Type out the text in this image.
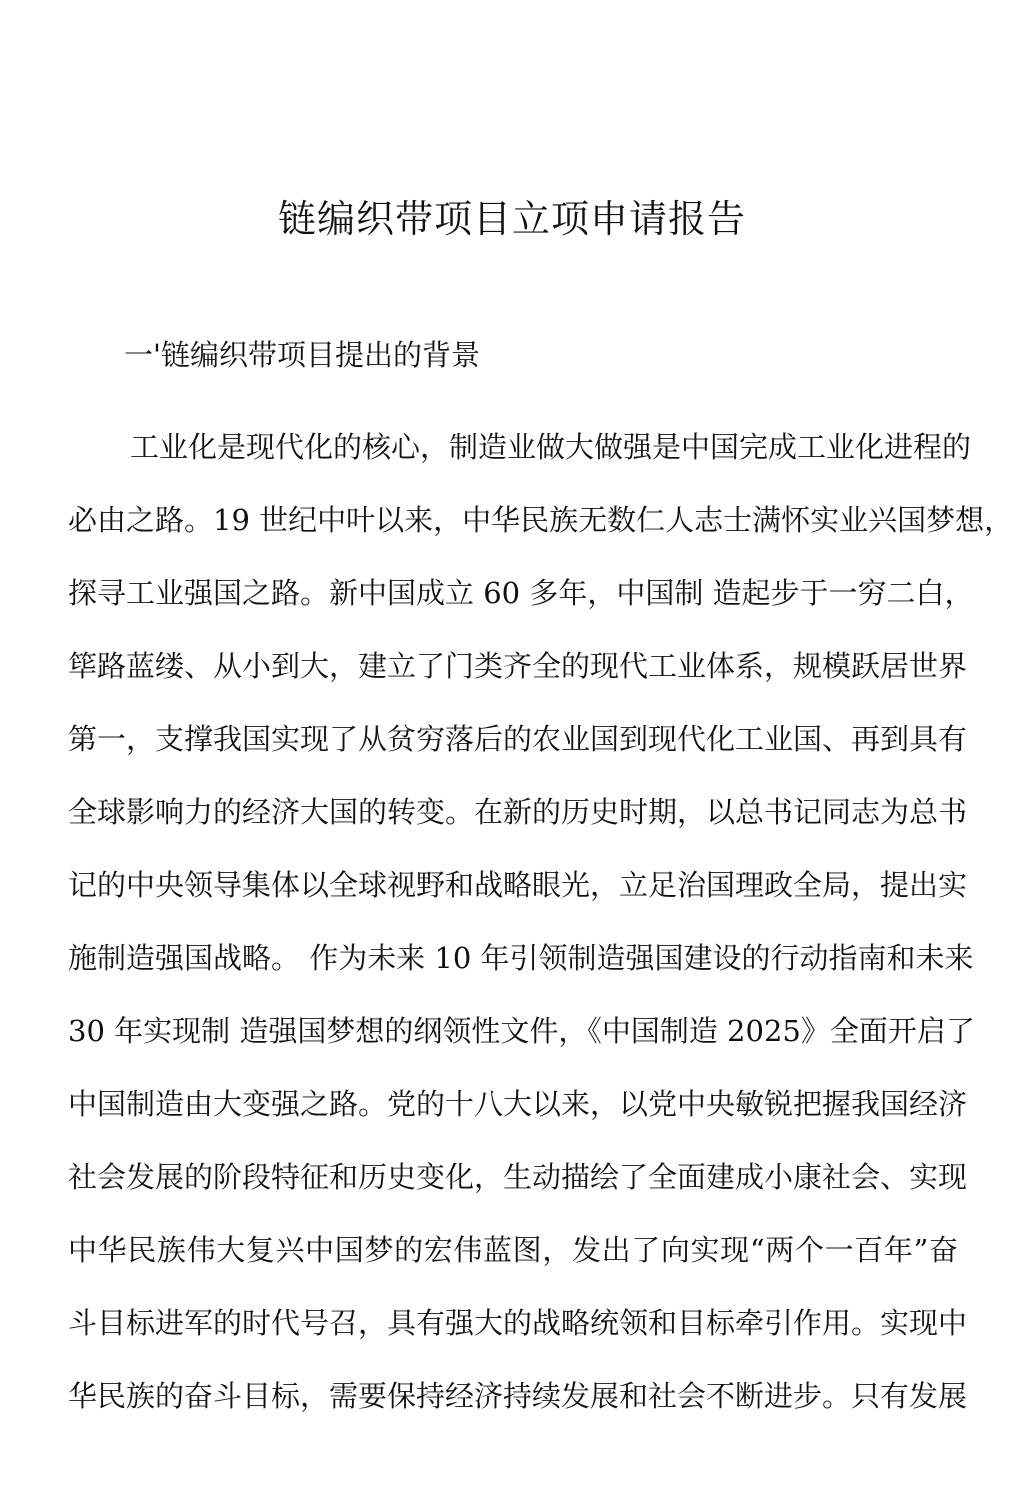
链编织带项目立项申请报告
一'链编织带项目提出的背景
工业化是现代化的核心，制造业做大做强是中国完成工业化进程的
必由之路。19 世纪中叶以来，中华民族无数仁人志士满怀实业兴国梦想，
探寻工业强国之路。新中国成立 60 多年，中国制 造起步于一穷二白，
筚路蓝缕、从小到大，建立了门类齐全的现代工业体系，规模跃居世界
第一，支撑我国实现了从贫穷落后的农业国到现代化工业国、再到具有
全球影响力的经济大国的转变。在新的历史时期，以总书记同志为总书
记的中央领导集体以全球视野和战略眼光，立足治国理政全局，提出实
施制造强国战略。 作为未来 10 年引领制造强国建设的行动指南和未来
30 年实现制 造强国梦想的纲领性文件，《中国制造 2025》全面开启了
中国制造由大变强之路。党的十八大以来，以党中央敏锐把握我国经济
社会发展的阶段特征和历史变化，生动描绘了全面建成小康社会、实现
中华民族伟大复兴中国梦的宏伟蓝图，发出了向实现“两个一百年”奋
斗目标进军的时代号召，具有强大的战略统领和目标牵引作用。实现中
华民族的奋斗目标，需要保持经济持续发展和社会不断进步。只有发展
